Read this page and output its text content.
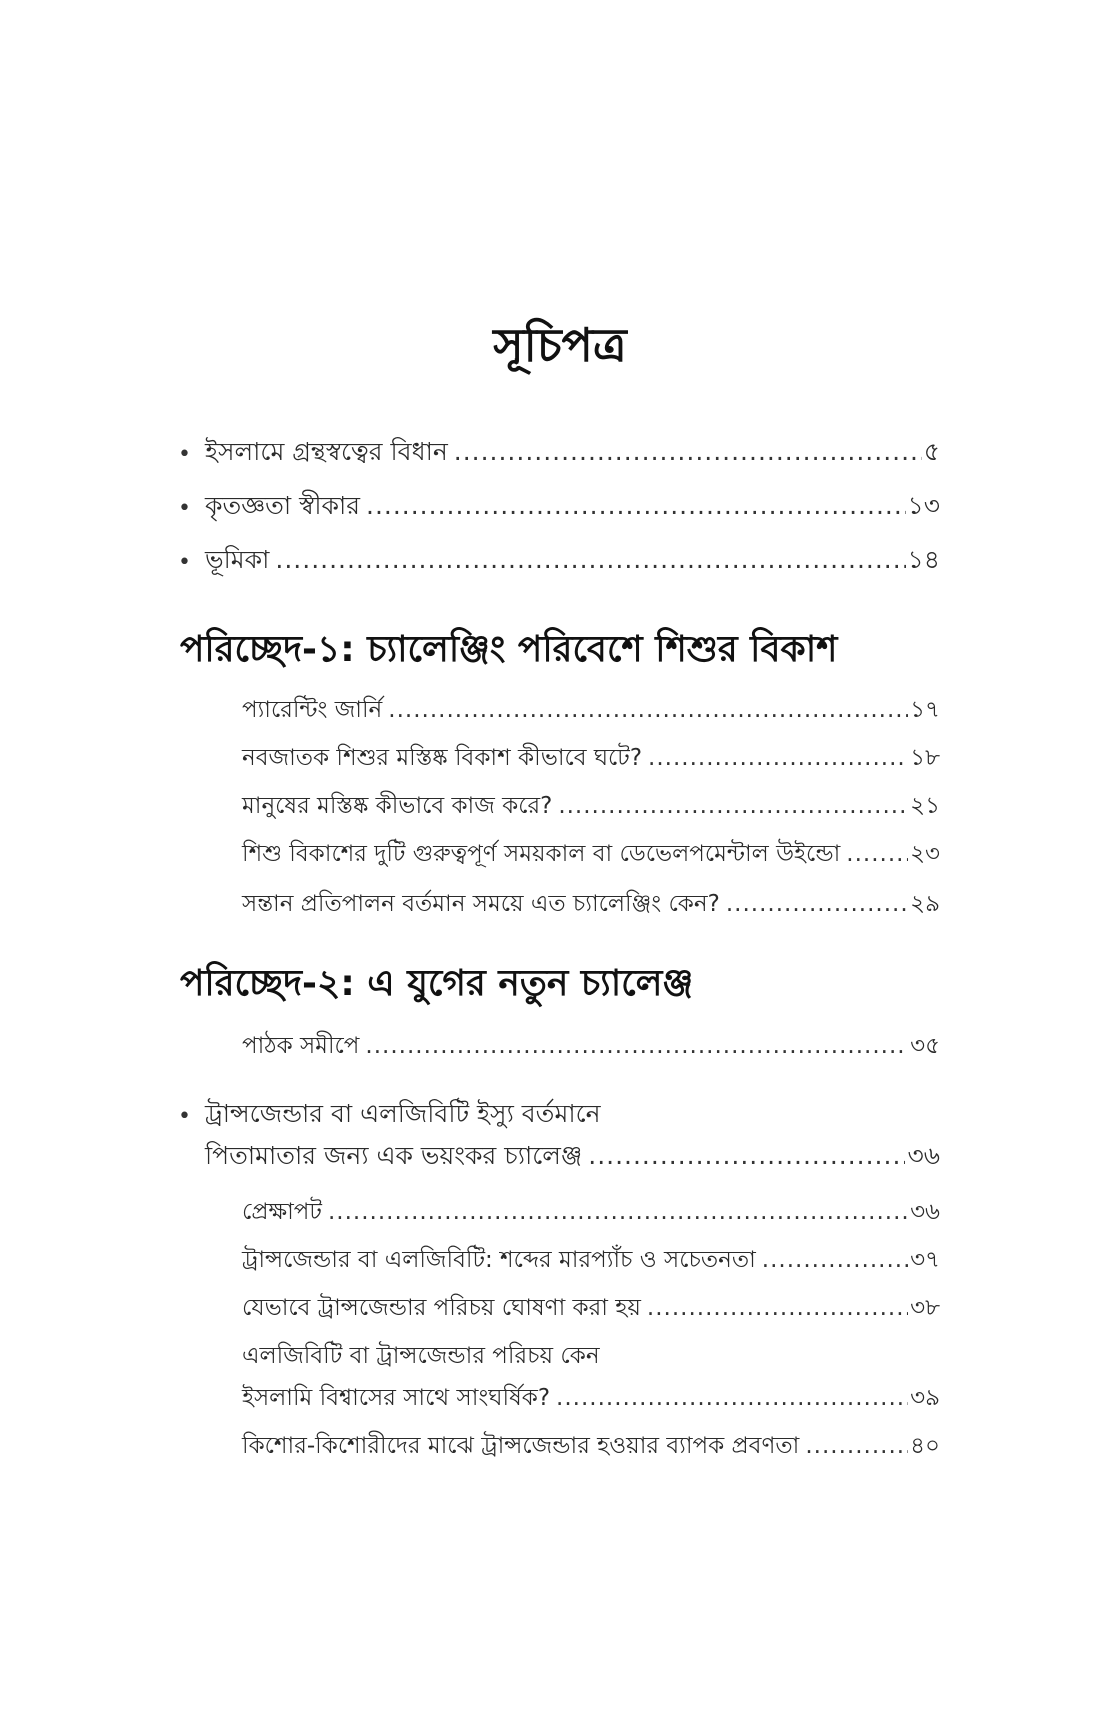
সূচিপত্র
• ইসলামে গ্রন্থস্বত্বের বিধান .....	৫
• কৃতজ্ঞতা স্বীকার .....	১৩
• ভূমিকা .....	১৪
পরিচ্ছেদ-১: চ্যালেঞ্জিং পরিবেশে শিশুর বিকাশ
প্যারেন্টিং জার্নি .....	১৭
নবজাতক শিশুর মস্তিষ্ক বিকাশ কীভাবে ঘটে? .....	১৮
মানুষের মস্তিষ্ক কীভাবে কাজ করে? .....	২১
শিশু বিকাশের দুটি গুরুত্বপূর্ণ সময়কাল বা ডেভেলপমেন্টাল উইন্ডো .....	২৩
সন্তান প্রতিপালন বর্তমান সময়ে এত চ্যালেঞ্জিং কেন? .....	২৯
পরিচ্ছেদ-২: এ যুগের নতুন চ্যালেঞ্জ
পাঠক সমীপে .....	৩৫
• ট্রান্সজেন্ডার বা এলজিবিটি ইস্যু বর্তমানে
পিতামাতার জন্য এক ভয়ংকর চ্যালেঞ্জ .....	৩৬
প্রেক্ষাপট .....	৩৬
ট্রান্সজেন্ডার বা এলজিবিটি: শব্দের মারপ্যাঁচ ও সচেতনতা .....	৩৭
যেভাবে ট্রান্সজেন্ডার পরিচয় ঘোষণা করা হয় .....	৩৮
এলজিবিটি বা ট্রান্সজেন্ডার পরিচয় কেন
ইসলামি বিশ্বাসের সাথে সাংঘর্ষিক? .....	৩৯
কিশোর-কিশোরীদের মাঝে ট্রান্সজেন্ডার হওয়ার ব্যাপক প্রবণতা .....	৪০
